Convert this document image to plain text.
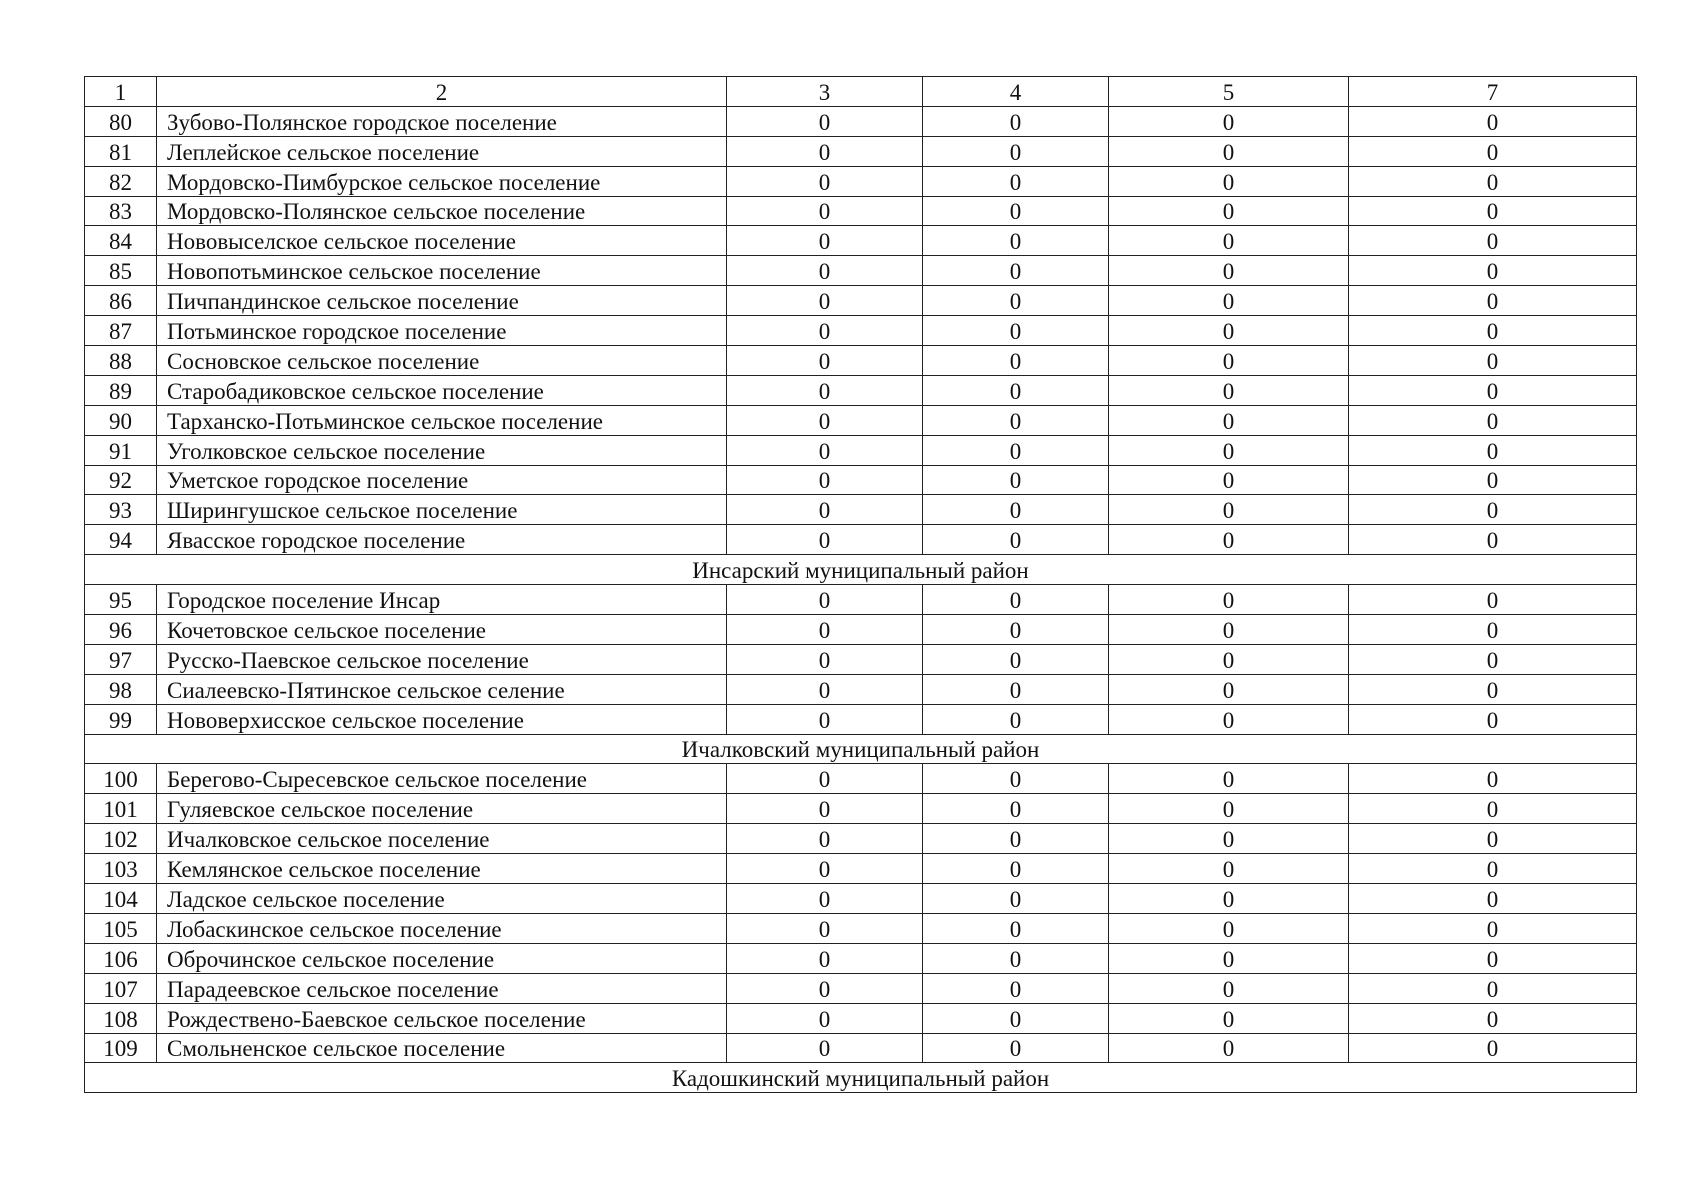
1	2	3	4	5	7
80	Зубово-Полянское городское поселение	0	0	0	0
81	Леплейское сельское поселение	0	0	0	0
82	Мордовско-Пимбурское сельское поселение	0	0	0	0
83	Мордовско-Полянское сельское поселение	0	0	0	0
84	Нововыселское сельское поселение	0	0	0	0
85	Новопотьминское сельское поселение	0	0	0	0
86	Пичпандинское сельское поселение	0	0	0	0
87	Потьминское городское поселение	0	0	0	0
88	Сосновское сельское поселение	0	0	0	0
89	Старобадиковское сельское поселение	0	0	0	0
90	Тарханско-Потьминское сельское поселение	0	0	0	0
91	Уголковское сельское поселение	0	0	0	0
92	Уметское городское поселение	0	0	0	0
93	Ширингушское сельское поселение	0	0	0	0
94	Явасское городское поселение	0	0	0	0
Инсарский муниципальный район					
95	Городское поселение Инсар	0	0	0	0
96	Кочетовское сельское поселение	0	0	0	0
97	Русско-Паевское сельское поселение	0	0	0	0
98	Сиалеевско-Пятинское сельское селение	0	0	0	0
99	Нововерхисское сельское поселение	0	0	0	0
Ичалковский муниципальный район					
100	Берегово-Сыресевское сельское поселение	0	0	0	0
101	Гуляевское сельское поселение	0	0	0	0
102	Ичалковское сельское поселение	0	0	0	0
103	Кемлянское сельское поселение	0	0	0	0
104	Ладское сельское поселение	0	0	0	0
105	Лобаскинское сельское поселение	0	0	0	0
106	Оброчинское сельское поселение	0	0	0	0
107	Парадеевское сельское поселение	0	0	0	0
108	Рождествено-Баевское сельское поселение	0	0	0	0
109	Смольненское сельское поселение	0	0	0	0
Кадошкинский муниципальный район					
